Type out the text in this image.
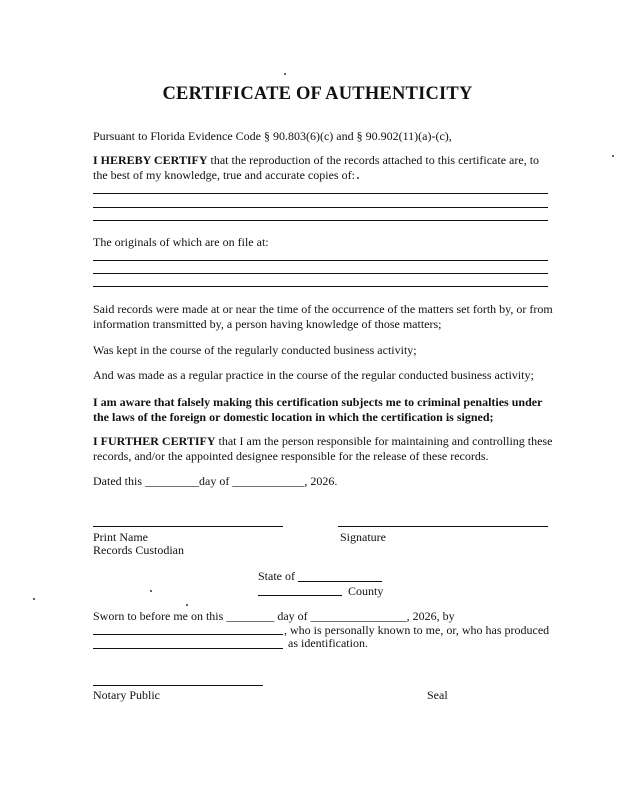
CERTIFICATE OF AUTHENTICITY
Pursuant to Florida Evidence Code § 90.803(6)(c) and § 90.902(11)(a)-(c),
I HEREBY CERTIFY that the reproduction of the records attached to this certificate are, to the best of my knowledge, true and accurate copies of:
The originals of which are on file at:
Said records were made at or near the time of the occurrence of the matters set forth by, or from information transmitted by, a person having knowledge of those matters;
Was kept in the course of the regularly conducted business activity;
And was made as a regular practice in the course of the regular conducted business activity;
I am aware that falsely making this certification subjects me to criminal penalties under the laws of the foreign or domestic location in which the certification is signed;
I FURTHER CERTIFY that I am the person responsible for maintaining and controlling these records, and/or the appointed designee responsible for the release of these records.
Dated this _________day of ____________, 2026.
Print Name
Records Custodian
Signature
State of
County
Sworn to before me on this ________ day of ________________, 2026, by
, who is personally known to me, or, who has produced
as identification.
Notary Public	Seal
